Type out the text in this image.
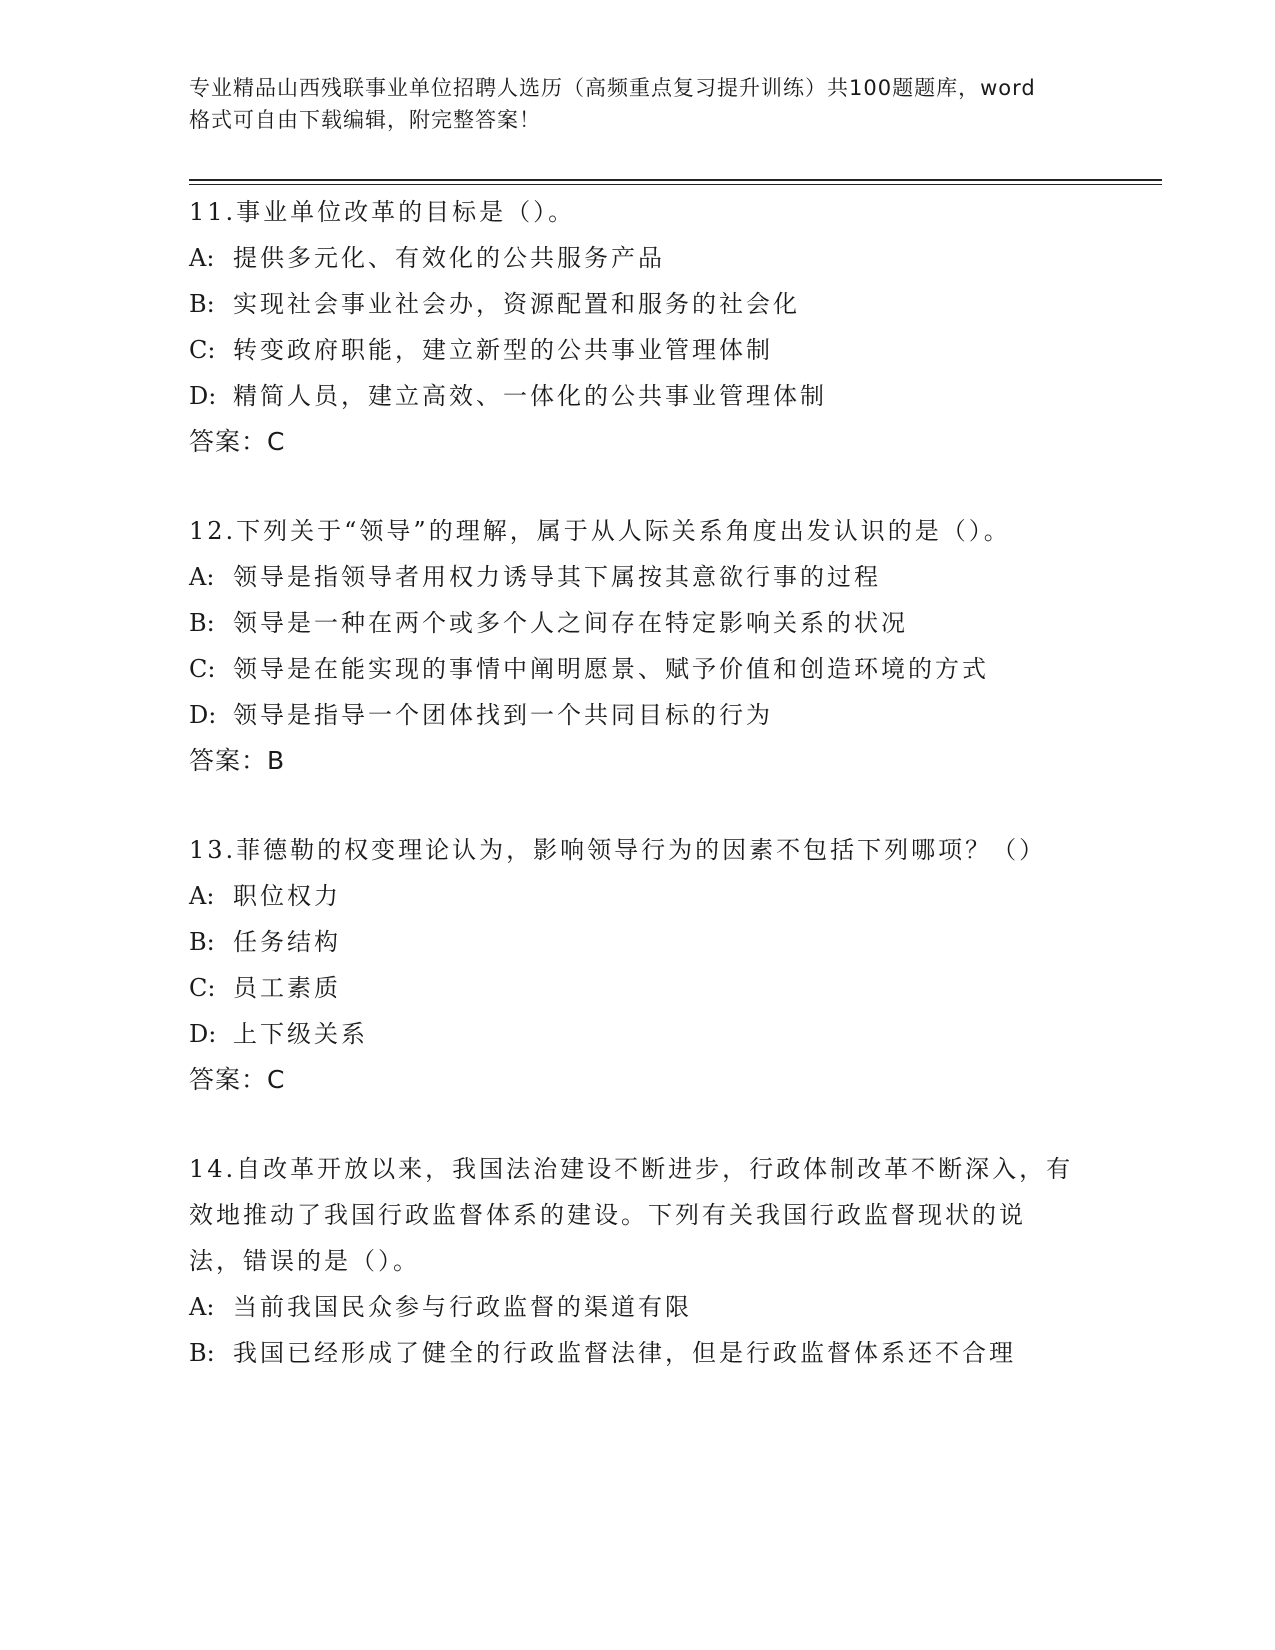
专业精品山西残联事业单位招聘人选历（高频重点复习提升训练）共100题题库，word格式可自由下载编辑，附完整答案！
11.事业单位改革的目标是（）。
A: 提供多元化、有效化的公共服务产品
B: 实现社会事业社会办，资源配置和服务的社会化
C: 转变政府职能，建立新型的公共事业管理体制
D: 精简人员，建立高效、一体化的公共事业管理体制
答案：C
12.下列关于“领导”的理解，属于从人际关系角度出发认识的是（）。
A: 领导是指领导者用权力诱导其下属按其意欲行事的过程
B: 领导是一种在两个或多个人之间存在特定影响关系的状况
C: 领导是在能实现的事情中阐明愿景、赋予价值和创造环境的方式
D: 领导是指导一个团体找到一个共同目标的行为
答案：B
13.菲德勒的权变理论认为，影响领导行为的因素不包括下列哪项？（）
A: 职位权力
B: 任务结构
C: 员工素质
D: 上下级关系
答案：C
14.自改革开放以来，我国法治建设不断进步，行政体制改革不断深入，有效地推动了我国行政监督体系的建设。下列有关我国行政监督现状的说法，错误的是（）。
A: 当前我国民众参与行政监督的渠道有限
B: 我国已经形成了健全的行政监督法律，但是行政监督体系还不合理
